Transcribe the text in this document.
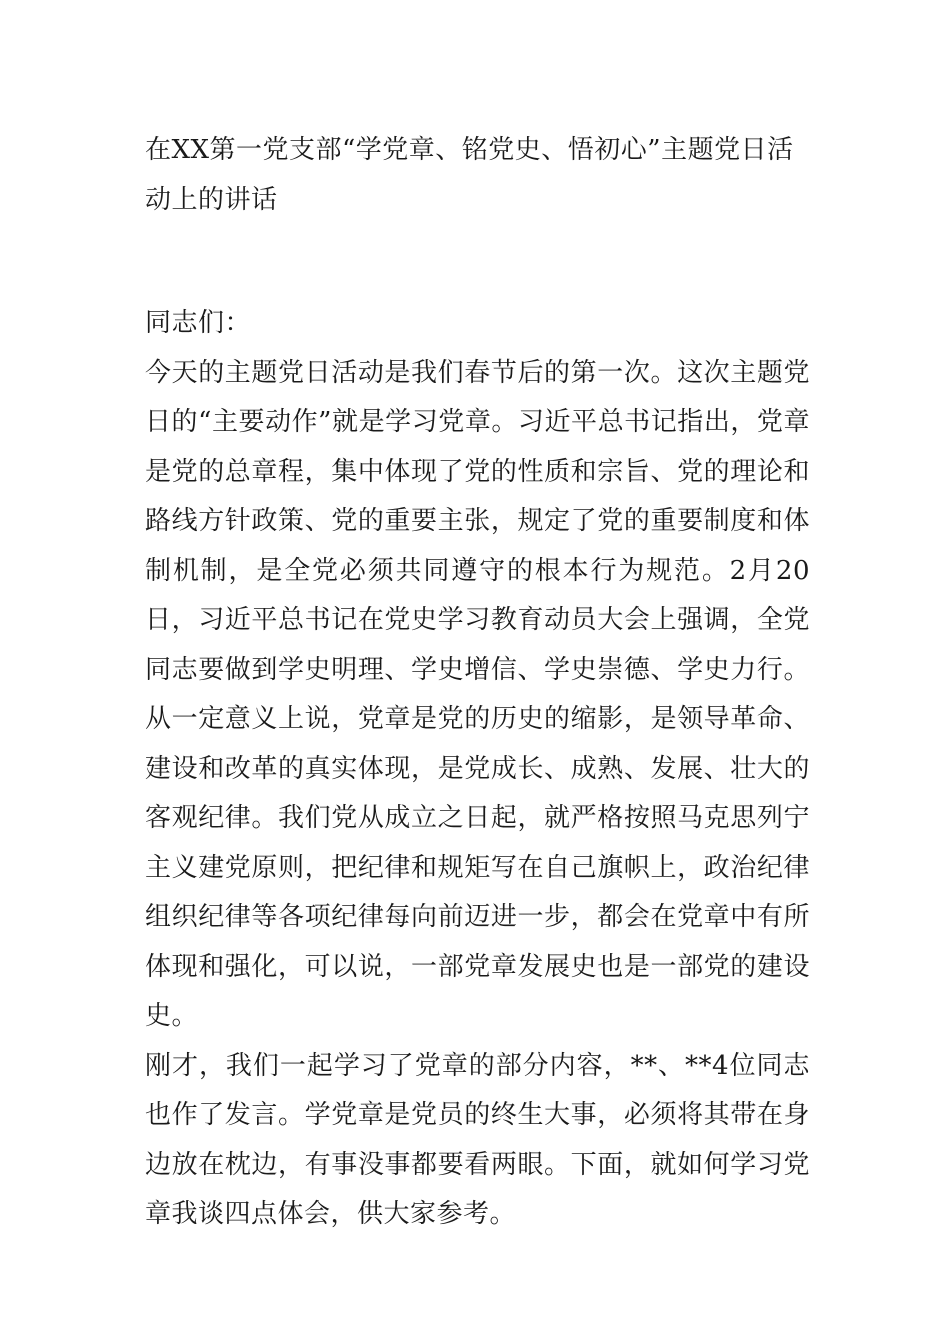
在XX第一党支部“学党章、铭党史、悟初心”主题党日活动上的讲话

同志们：

今天的主题党日活动是我们春节后的第一次。这次主题党日的“主要动作”就是学习党章。习近平总书记指出，党章是党的总章程，集中体现了党的性质和宗旨、党的理论和路线方针政策、党的重要主张，规定了党的重要制度和体制机制，是全党必须共同遵守的根本行为规范。2月20日，习近平总书记在党史学习教育动员大会上强调，全党同志要做到学史明理、学史增信、学史崇德、学史力行。从一定意义上说，党章是党的历史的缩影，是领导革命、建设和改革的真实体现，是党成长、成熟、发展、壮大的客观纪律。我们党从成立之日起，就严格按照马克思列宁主义建党原则，把纪律和规矩写在自己旗帜上，政治纪律组织纪律等各项纪律每向前迈进一步，都会在党章中有所体现和强化，可以说，一部党章发展史也是一部党的建设史。

刚才，我们一起学习了党章的部分内容，**、**4位同志也作了发言。学党章是党员的终生大事，必须将其带在身边放在枕边，有事没事都要看两眼。下面，就如何学习党章我谈四点体会，供大家参考。
